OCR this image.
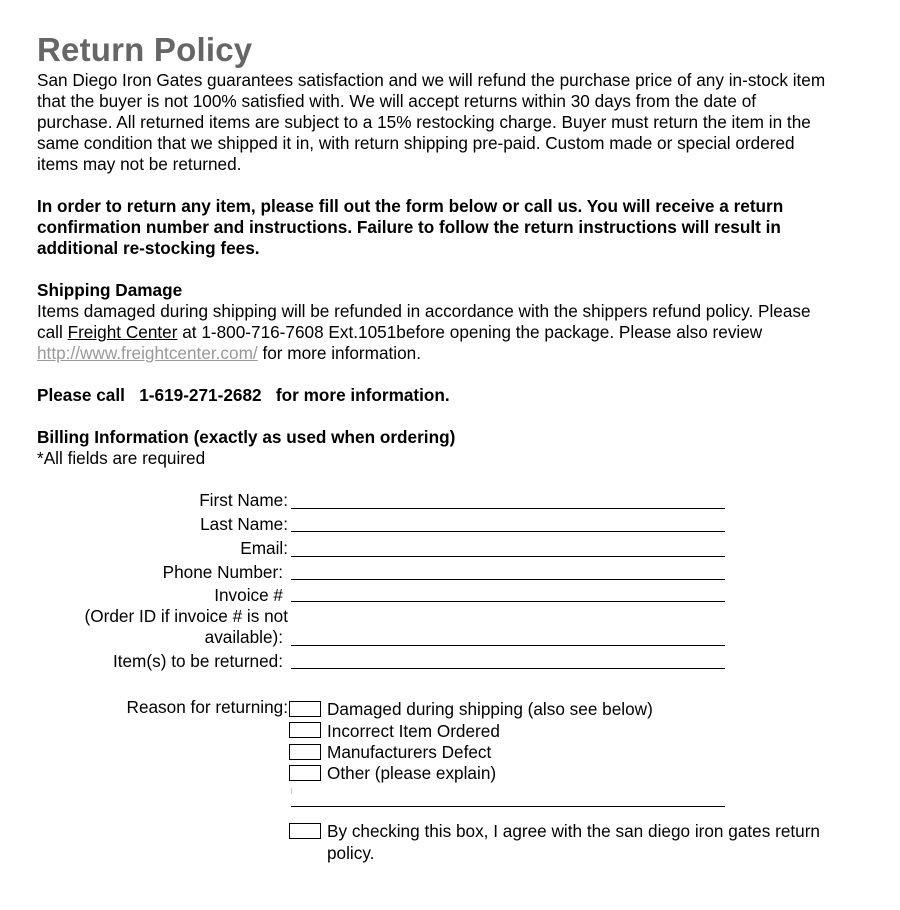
Return Policy

San Diego Iron Gates guarantees satisfaction and we will refund the purchase price of any in-stock item that the buyer is not 100% satisfied with. We will accept returns within 30 days from the date of purchase. All returned items are subject to a 15% restocking charge. Buyer must return the item in the same condition that we shipped it in, with return shipping pre-paid. Custom made or special ordered items may not be returned.

In order to return any item, please fill out the form below or call us. You will receive a return confirmation number and instructions. Failure to follow the return instructions will result in additional re-stocking fees.

Shipping Damage

Items damaged during shipping will be refunded in accordance with the shippers refund policy. Please call Freight Center at 1-800-716-7608 Ext.1051before opening the package. Please also review http://www.freightcenter.com/ for more information.

Please call 1-619-271-2682 for more information.

Billing Information (exactly as used when ordering)

*All fields are required

First Name:
Last Name:
Email:
Phone Number:
Invoice #
(Order ID if invoice # is not
available):
Item(s) to be returned:
Reason for returning: Damaged during shipping (also see below)
Incorrect Item Ordered
Manufacturers Defect
Other (please explain)
By checking this box, I agree with the san diego iron gates return
policy.
